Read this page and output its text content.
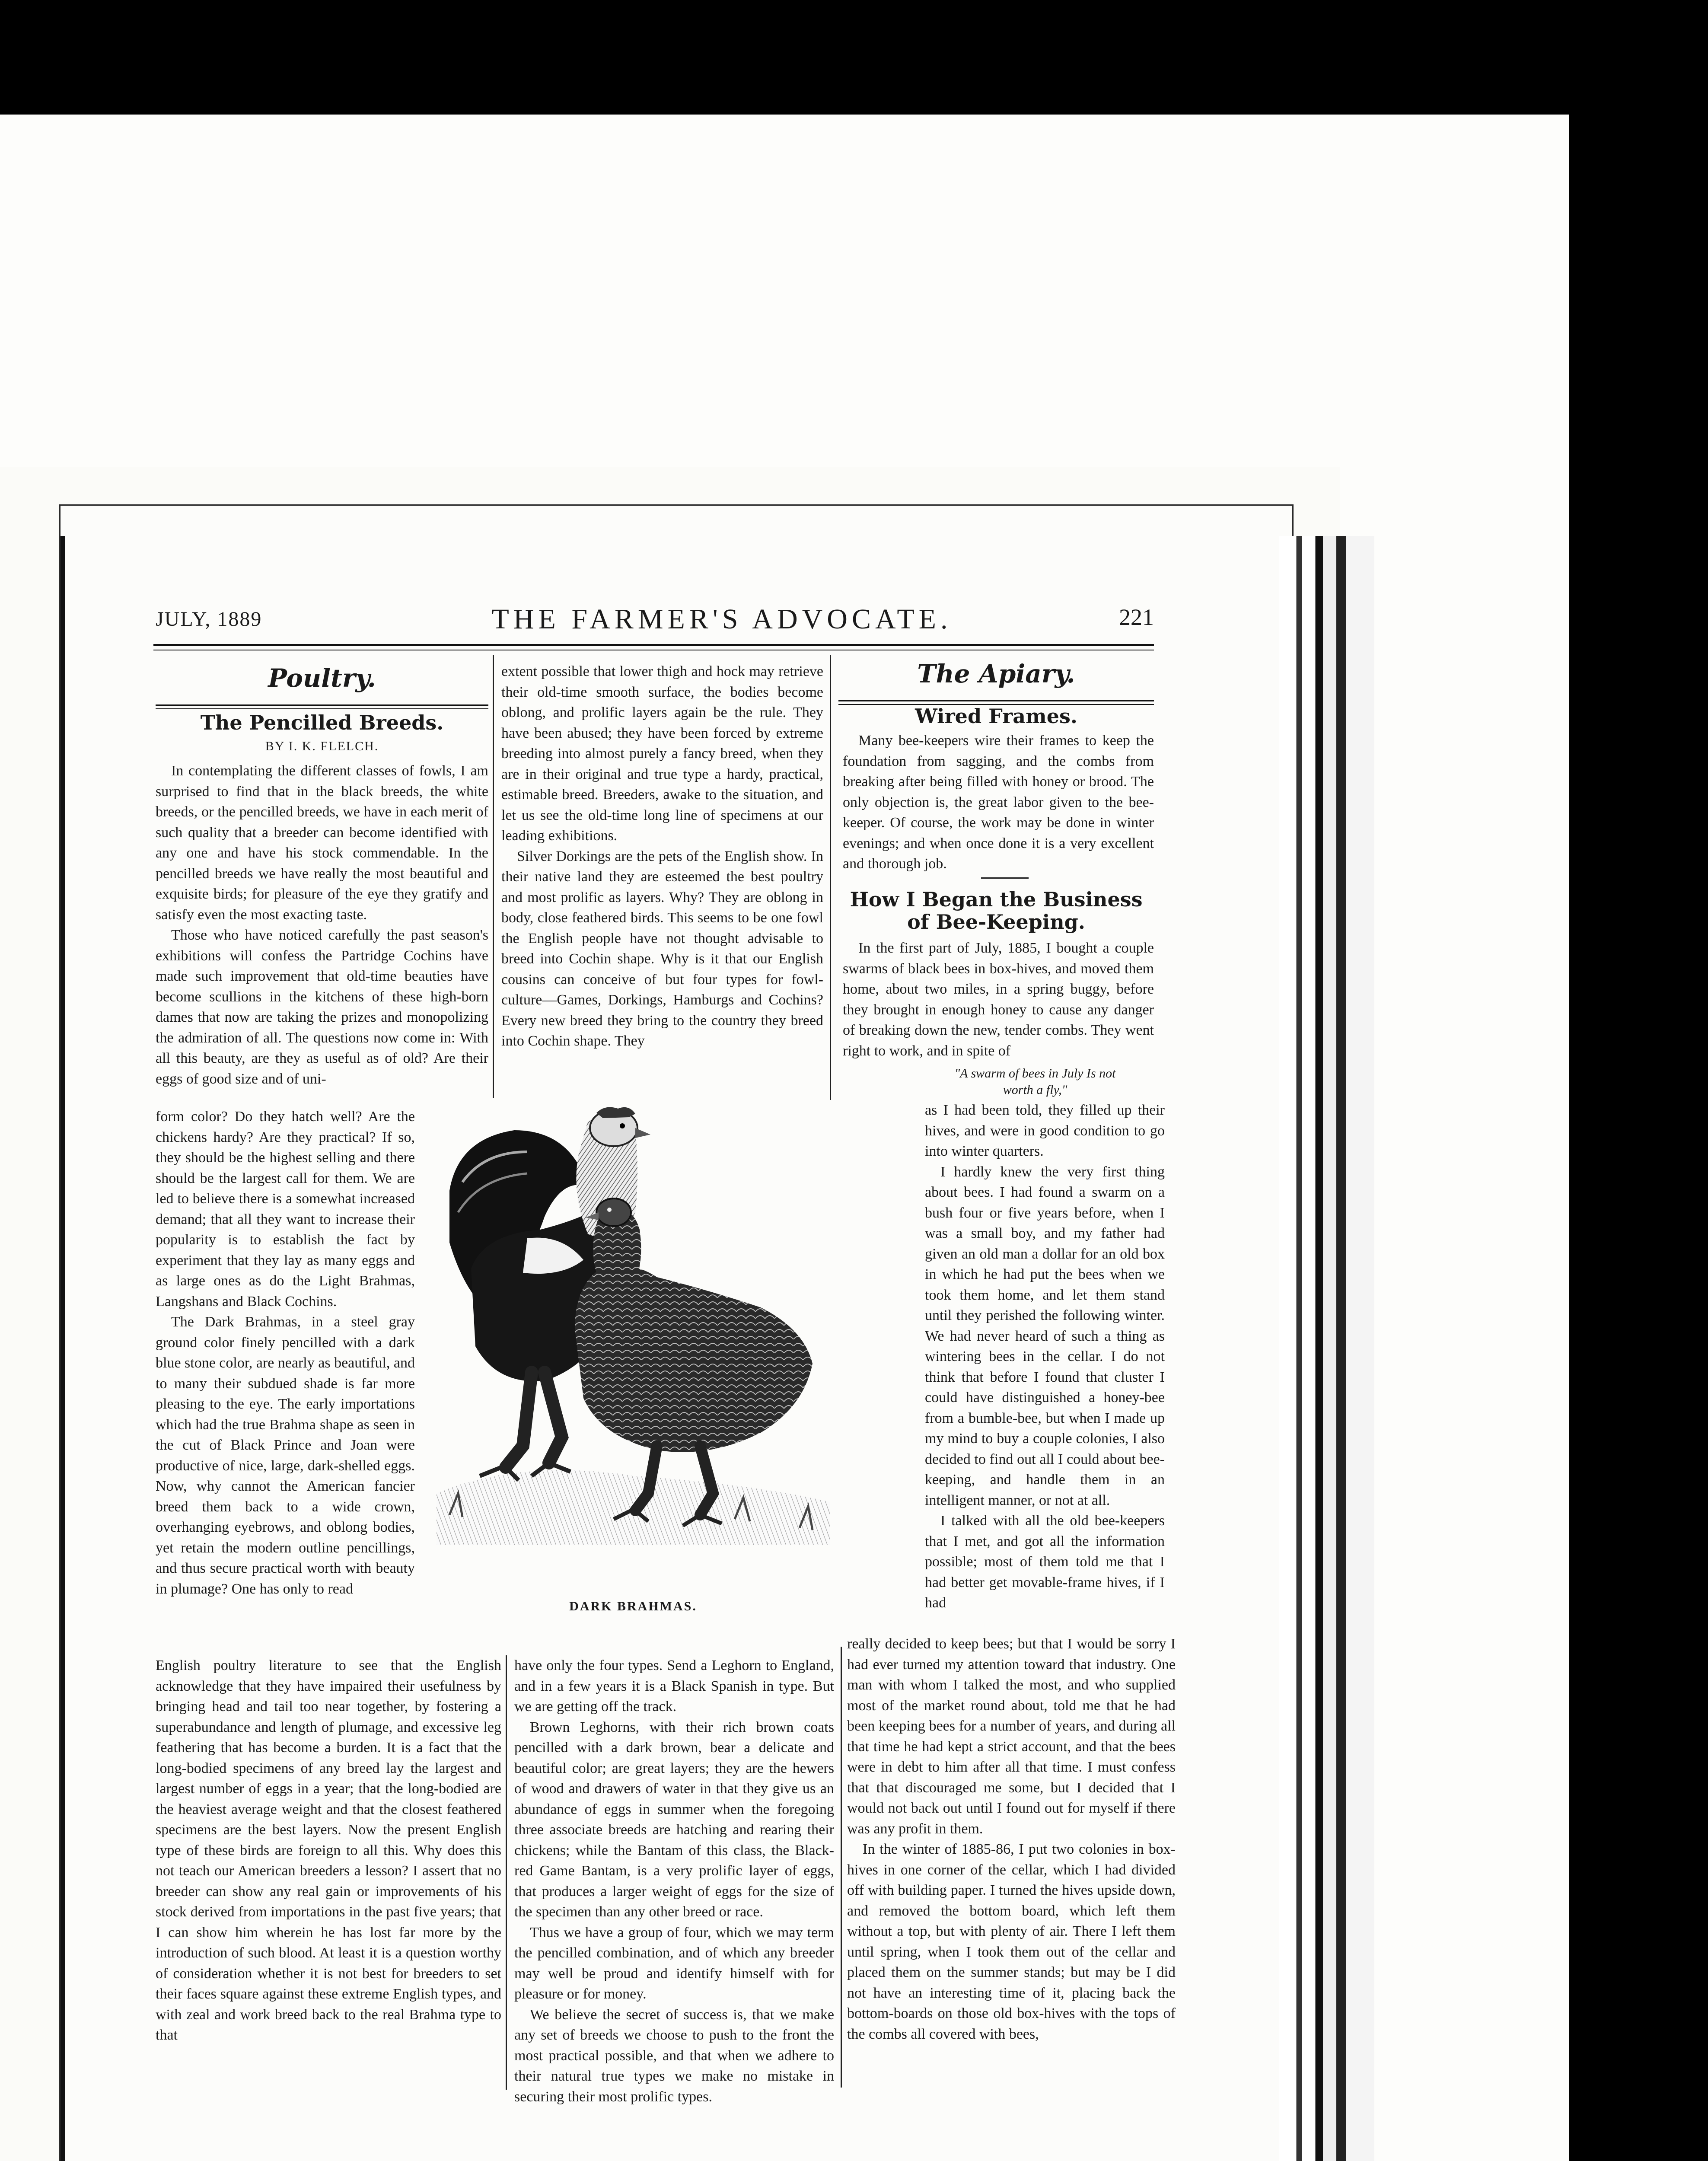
JULY, 1889	THE FARMER'S ADVOCATE.	221
Poultry.
The Pencilled Breeds.
BY I. K. FLELCH.

In contemplating the different classes of fowls, I am surprised to find that in the black breeds, the white breeds, or the pencilled breeds, we have in each merit of such quality that a breeder can become identified with any one and have his stock commendable. In the pencilled breeds we have really the most beautiful and exquisite birds; for pleasure of the eye they gratify and satisfy even the most exacting taste.

Those who have noticed carefully the past season's exhibitions will confess the Partridge Cochins have made such improvement that old-time beauties have become scullions in the kitchens of these high-born dames that now are taking the prizes and monopolizing the admiration of all. The questions now come in: With all this beauty, are they as useful as of old? Are their eggs of good size and of uni-

form color? Do they hatch well? Are the chickens hardy? Are they practical? If so, they should be the highest selling and there should be the largest call for them. We are led to believe there is a somewhat increased demand; that all they want to increase their popularity is to establish the fact by experiment that they lay as many eggs and as large ones as do the Light Brahmas, Langshans and Black Cochins.

The Dark Brahmas, in a steel gray ground color finely pencilled with a dark blue stone color, are nearly as beautiful, and to many their subdued shade is far more pleasing to the eye. The early importations which had the true Brahma shape as seen in the cut of Black Prince and Joan were productive of nice, large, dark-shelled eggs. Now, why cannot the American fancier breed them back to a wide crown, overhanging eyebrows, and oblong bodies, yet retain the modern outline pencillings, and thus secure practical worth with beauty in plumage? One has only to read

English poultry literature to see that the English acknowledge that they have impaired their usefulness by bringing head and tail too near together, by fostering a superabundance and length of plumage, and excessive leg feathering that has become a burden. It is a fact that the long-bodied specimens of any breed lay the largest and largest number of eggs in a year; that the long-bodied are the heaviest average weight and that the closest feathered specimens are the best layers. Now the present English type of these birds are foreign to all this. Why does this not teach our American breeders a lesson? I assert that no breeder can show any real gain or improvements of his stock derived from importations in the past five years; that I can show him wherein he has lost far more by the introduction of such blood. At least it is a question worthy of consideration whether it is not best for breeders to set their faces square against these extreme English types, and with zeal and work breed back to the real Brahma type to that

extent possible that lower thigh and hock may retrieve their old-time smooth surface, the bodies become oblong, and prolific layers again be the rule. They have been abused; they have been forced by extreme breeding into almost purely a fancy breed, when they are in their original and true type a hardy, practical, estimable breed. Breeders, awake to the situation, and let us see the old-time long line of specimens at our leading exhibitions.

Silver Dorkings are the pets of the English show. In their native land they are esteemed the best poultry and most prolific as layers. Why? They are oblong in body, close feathered birds. This seems to be one fowl the English people have not thought advisable to breed into Cochin shape. Why is it that our English cousins can conceive of but four types for fowl-culture—Games, Dorkings, Hamburgs and Cochins? Every new breed they bring to the country they breed into Cochin shape. They

have only the four types. Send a Leghorn to England, and in a few years it is a Black Spanish in type. But we are getting off the track.

Brown Leghorns, with their rich brown coats pencilled with a dark brown, bear a delicate and beautiful color; are great layers; they are the hewers of wood and drawers of water in that they give us an abundance of eggs in summer when the foregoing three associate breeds are hatching and rearing their chickens; while the Bantam of this class, the Black-red Game Bantam, is a very prolific layer of eggs, that produces a larger weight of eggs for the size of the specimen than any other breed or race.

Thus we have a group of four, which we may term the pencilled combination, and of which any breeder may well be proud and identify himself with for pleasure or for money.

We believe the secret of success is, that we make any set of breeds we choose to push to the front the most practical possible, and that when we adhere to their natural true types we make no mistake in securing their most prolific types.

DARK BRAHMAS.
The Apiary.
Wired Frames.

Many bee-keepers wire their frames to keep the foundation from sagging, and the combs from breaking after being filled with honey or brood. The only objection is, the great labor given to the bee-keeper. Of course, the work may be done in winter evenings; and when once done it is a very excellent and thorough job.

How I Began the Business of Bee-Keeping.

In the first part of July, 1885, I bought a couple swarms of black bees in box-hives, and moved them home, about two miles, in a spring buggy, before they brought in enough honey to cause any danger of breaking down the new, tender combs. They went right to work, and in spite of

"A swarm of bees in July Is not worth a fly,"

as I had been told, they filled up their hives, and were in good condition to go into winter quarters.

I hardly knew the very first thing about bees. I had found a swarm on a bush four or five years before, when I was a small boy, and my father had given an old man a dollar for an old box in which he had put the bees when we took them home, and let them stand until they perished the following winter. We had never heard of such a thing as wintering bees in the cellar. I do not think that before I found that cluster I could have distinguished a honey-bee from a bumble-bee, but when I made up my mind to buy a couple colonies, I also decided to find out all I could about bee-keeping, and handle them in an intelligent manner, or not at all.

I talked with all the old bee-keepers that I met, and got all the information possible; most of them told me that I had better get movable-frame hives, if I had

really decided to keep bees; but that I would be sorry I had ever turned my attention toward that industry. One man with whom I talked the most, and who supplied most of the market round about, told me that he had been keeping bees for a number of years, and during all that time he had kept a strict account, and that the bees were in debt to him after all that time. I must confess that that discouraged me some, but I decided that I would not back out until I found out for myself if there was any profit in them.

In the winter of 1885-86, I put two colonies in box-hives in one corner of the cellar, which I had divided off with building paper. I turned the hives upside down, and removed the bottom board, which left them without a top, but with plenty of air. There I left them until spring, when I took them out of the cellar and placed them on the summer stands; but may be I did not have an interesting time of it, placing back the bottom-boards on those old box-hives with the tops of the combs all covered with bees,
